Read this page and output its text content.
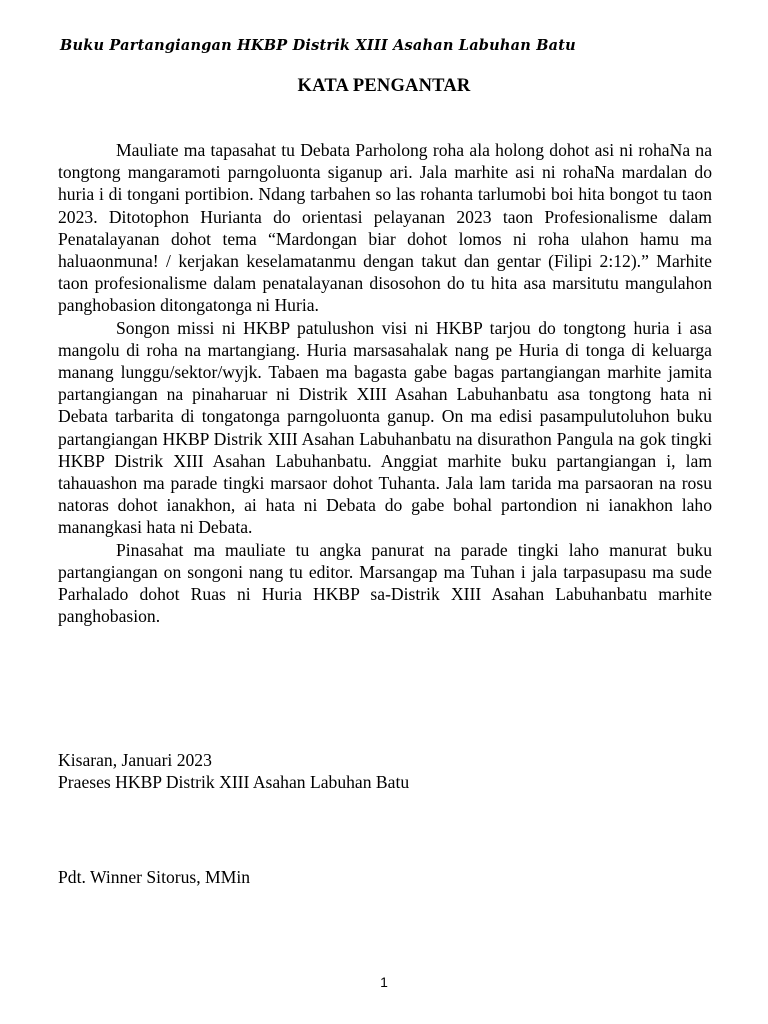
Buku Partangiangan HKBP Distrik XIII Asahan Labuhan Batu
KATA PENGANTAR

Mauliate ma tapasahat tu Debata Parholong roha ala holong dohot asi ni rohaNa na tongtong mangaramoti parngoluonta siganup ari. Jala marhite asi ni rohaNa mardalan do huria i di tongani portibion. Ndang tarbahen so las rohanta tarlumobi boi hita bongot tu taon 2023. Ditotophon Hurianta do orientasi pelayanan 2023 taon Profesionalisme dalam Penatalayanan dohot tema “Mardongan biar dohot lomos ni roha ulahon hamu ma haluaonmuna! / kerjakan keselamatanmu dengan takut dan gentar (Filipi 2:12).” Marhite taon profesionalisme dalam penatalayanan disosohon do tu hita asa marsitutu mangulahon panghobasion ditongatonga ni Huria.

Songon missi ni HKBP patulushon visi ni HKBP tarjou do tongtong huria i asa mangolu di roha na martangiang. Huria marsasahalak nang pe Huria di tonga di keluarga manang lunggu/sektor/wyjk. Tabaen ma bagasta gabe bagas partangiangan marhite jamita partangiangan na pinaharuar ni Distrik XIII Asahan Labuhanbatu asa tongtong hata ni Debata tarbarita di tongatonga parngoluonta ganup. On ma edisi pasampulutoluhon buku partangiangan HKBP Distrik XIII Asahan Labuhanbatu na disurathon Pangula na gok tingki HKBP Distrik XIII Asahan Labuhanbatu. Anggiat marhite buku partangiangan i, lam tahauashon ma parade tingki marsaor dohot Tuhanta. Jala lam tarida ma parsaoran na rosu natoras dohot ianakhon, ai hata ni Debata do gabe bohal partondion ni ianakhon laho manangkasi hata ni Debata.

Pinasahat ma mauliate tu angka panurat na parade tingki laho manurat buku partangiangan on songoni nang tu editor. Marsangap ma Tuhan i jala tarpasupasu ma sude Parhalado dohot Ruas ni Huria HKBP sa-Distrik XIII Asahan Labuhanbatu marhite panghobasion.

Kisaran, Januari 2023
Praeses HKBP Distrik XIII Asahan Labuhan Batu
Pdt. Winner Sitorus, MMin
1
